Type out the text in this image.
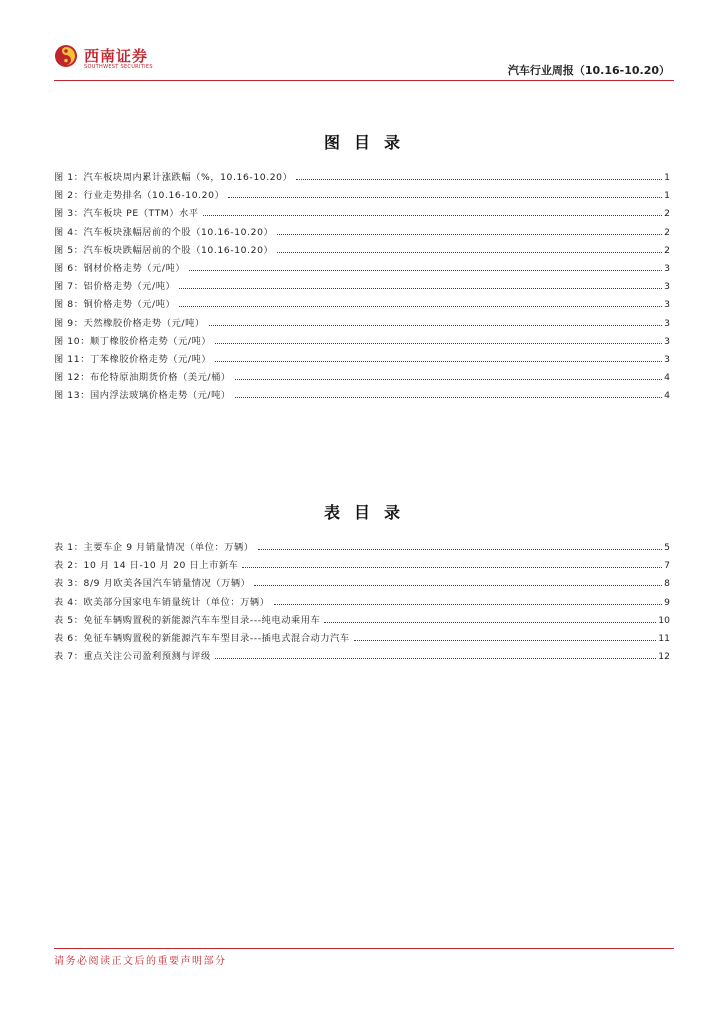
西南证券
SOUTHWEST SECURITIES	汽车行业周报（10.16-10.20）
图目录
图 1：汽车板块周内累计涨跌幅（%，10.16-10.20）	1
图 2：行业走势排名（10.16-10.20）	1
图 3：汽车板块 PE（TTM）水平	2
图 4：汽车板块涨幅居前的个股（10.16-10.20）	2
图 5：汽车板块跌幅居前的个股（10.16-10.20）	2
图 6：钢材价格走势（元/吨）	3
图 7：铝价格走势（元/吨）	3
图 8：铜价格走势（元/吨）	3
图 9：天然橡胶价格走势（元/吨）	3
图 10：顺丁橡胶价格走势（元/吨）	3
图 11：丁苯橡胶价格走势（元/吨）	3
图 12：布伦特原油期货价格（美元/桶）	4
图 13：国内浮法玻璃价格走势（元/吨）	4
表目录
表 1：主要车企 9 月销量情况（单位：万辆）	5
表 2：10 月 14 日-10 月 20 日上市新车	7
表 3：8/9 月欧美各国汽车销量情况（万辆）	8
表 4：欧美部分国家电车销量统计（单位：万辆）	9
表 5：免征车辆购置税的新能源汽车车型目录---纯电动乘用车	10
表 6：免征车辆购置税的新能源汽车车型目录---插电式混合动力汽车	11
表 7：重点关注公司盈利预测与评级	12
请务必阅读正文后的重要声明部分
